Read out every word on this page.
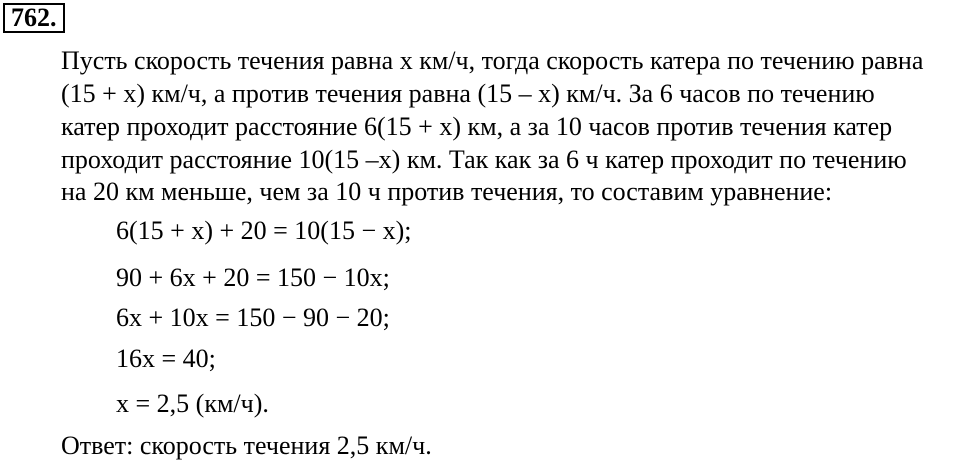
762.
Пусть скорость течения равна x км/ч, тогда скорость катера по течению равна
(15 + x) км/ч, а против течения равна (15 – x) км/ч. За 6 часов по течению
катер проходит расстояние 6(15 + x) км, а за 10 часов против течения катер
проходит расстояние 10(15 –x) км. Так как за 6 ч катер проходит по течению
на 20 км меньше, чем за 10 ч против течения, то составим уравнение:
6(15 + x) + 20 = 10(15 − x);
90 + 6x + 20 = 150 − 10x;
6x + 10x = 150 − 90 − 20;
16x = 40;
x = 2,5 (км/ч).
Ответ: скорость течения 2,5 км/ч.
